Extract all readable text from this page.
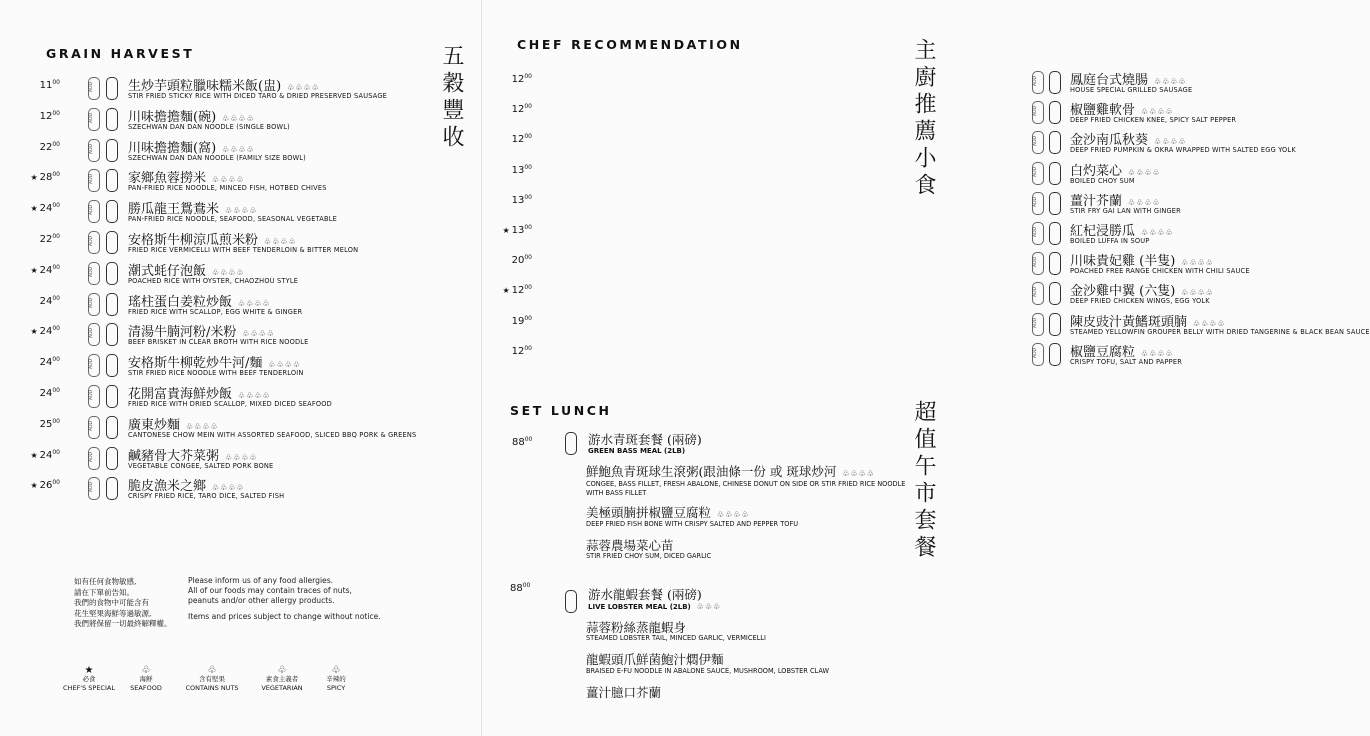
GRAIN HARVEST	五穀豐收
$11^{00}$ ADD	生炒芋頭粒臘味糯米飯(盅) ♧♧♧♧
STIR FRIED STICKY RICE WITH DICED TARO & DRIED PRESERVED SAUSAGE
$12^{00}$ ADD	川味擔擔麵(碗) ♧♧♧♧
SZECHWAN DAN DAN NOODLE (SINGLE BOWL)
$22^{00}$ ADD	川味擔擔麵(窩) ♧♧♧♧
SZECHWAN DAN DAN NOODLE (FAMILY SIZE BOWL)
★ $28^{00}$ ADD	家鄉魚蓉撈米 ♧♧♧♧
PAN-FRIED RICE NOODLE, MINCED FISH, HOTBED CHIVES
★ $24^{00}$ ADD	勝瓜龍王鴛鴦米 ♧♧♧♧
PAN-FRIED RICE NOODLE, SEAFOOD, SEASONAL VEGETABLE
$22^{00}$ ADD	安格斯牛柳涼瓜煎米粉 ♧♧♧♧
FRIED RICE VERMICELLI WITH BEEF TENDERLOIN & BITTER MELON
★ $24^{00}$ ADD	潮式蚝仔泡飯 ♧♧♧♧
POACHED RICE WITH OYSTER, CHAOZHOU STYLE
$24^{00}$ ADD	瑤柱蛋白姜粒炒飯 ♧♧♧♧
FRIED RICE WITH SCALLOP, EGG WHITE & GINGER
★ $24^{00}$ ADD	清湯牛腩河粉/米粉 ♧♧♧♧
BEEF BRISKET IN CLEAR BROTH WITH RICE NOODLE
$24^{00}$ ADD	安格斯牛柳乾炒牛河/麵 ♧♧♧♧
STIR FRIED RICE NOODLE WITH BEEF TENDERLOIN
$24^{00}$ ADD	花開富貴海鮮炒飯 ♧♧♧♧
FRIED RICE WITH DRIED SCALLOP, MIXED DICED SEAFOOD
$25^{00}$ ADD	廣東炒麵 ♧♧♧♧
CANTONESE CHOW MEIN WITH ASSORTED SEAFOOD, SLICED BBQ PORK & GREENS
★ $24^{00}$ ADD	鹹豬骨大芥菜粥 ♧♧♧♧
VEGETABLE CONGEE, SALTED PORK BONE
★ $26^{00}$ ADD	脆皮漁米之鄉 ♧♧♧♧
CRISPY FRIED RICE, TARO DICE, SALTED FISH
如有任何食物敏感,
請在下單前告知。
我們的食物中可能含有
花生堅果海鮮等過敏源,
我們將保留一切最終解釋權。
Please inform us of any food allergies.
All of our foods may contain traces of nuts,
peanuts and/or other allergy products.
Items and prices subject to change without notice.
★
必食
CHEF'S SPECIAL
♧
海鮮
SEAFOOD
♧
含有堅果
CONTAINS NUTS
♧
素食主義者
VEGETARIAN
♧
辛辣的
SPICY
CHEF RECOMMENDATION	主廚推薦小食
$12^{00}$ ADD	鳳庭台式燒腸 ♧♧♧♧
HOUSE SPECIAL GRILLED SAUSAGE
$12^{00}$ ADD	椒鹽雞軟骨 ♧♧♧♧
DEEP FRIED CHICKEN KNEE, SPICY SALT PEPPER
$12^{00}$ ADD	金沙南瓜秋葵 ♧♧♧♧
DEEP FRIED PUMPKIN & OKRA WRAPPED WITH SALTED EGG YOLK
$13^{00}$ ADD	白灼菜心 ♧♧♧♧
BOILED CHOY SUM
$13^{00}$ ADD	薑汁芥蘭 ♧♧♧♧
STIR FRY GAI LAN WITH GINGER
★ $13^{00}$ ADD	紅杞浸勝瓜 ♧♧♧♧
BOILED LUFFA IN SOUP
$20^{00}$ ADD	川味貴妃雞 (半隻) ♧♧♧♧
POACHED FREE RANGE CHICKEN WITH CHILI SAUCE
★ $12^{00}$ ADD	金沙雞中翼 (六隻) ♧♧♧♧
DEEP FRIED CHICKEN WINGS, EGG YOLK
$19^{00}$ ADD	陳皮豉汁黃鰭斑頭腩 ♧♧♧♧
STEAMED YELLOWFIN GROUPER BELLY WITH DRIED TANGERINE & BLACK BEAN SAUCE
$12^{00}$ ADD	椒鹽豆腐粒 ♧♧♧♧
CRISPY TOFU, SALT AND PAPPER
SET LUNCH	超值午市套餐
$88^{00}$	游水青斑套餐 (兩磅)
GREEN BASS MEAL (2LB)
鮮鮑魚青斑球生滾粥(跟油條一份 或 斑球炒河 ♧♧♧♧
CONGEE, BASS FILLET, FRESH ABALONE, CHINESE DONUT ON SIDE OR STIR FRIED RICE NOODLE WITH BASS FILLET
美極頭腩拼椒鹽豆腐粒 ♧♧♧♧
DEEP FRIED FISH BONE WITH CRISPY SALTED AND PEPPER TOFU
蒜蓉農場菜心苗
STIR FRIED CHOY SUM, DICED GARLIC
$88^{00}$
游水龍蝦套餐 (兩磅)
LIVE LOBSTER MEAL (2LB) ♧♧♧
蒜蓉粉絲蒸龍蝦身
STEAMED LOBSTER TAIL, MINCED GARLIC, VERMICELLI
龍蝦頭爪鮮菌鮑汁燜伊麵
BRAISED E-FU NOODLE IN ABALONE SAUCE, MUSHROOM, LOBSTER CLAW
薑汁臆口芥蘭
